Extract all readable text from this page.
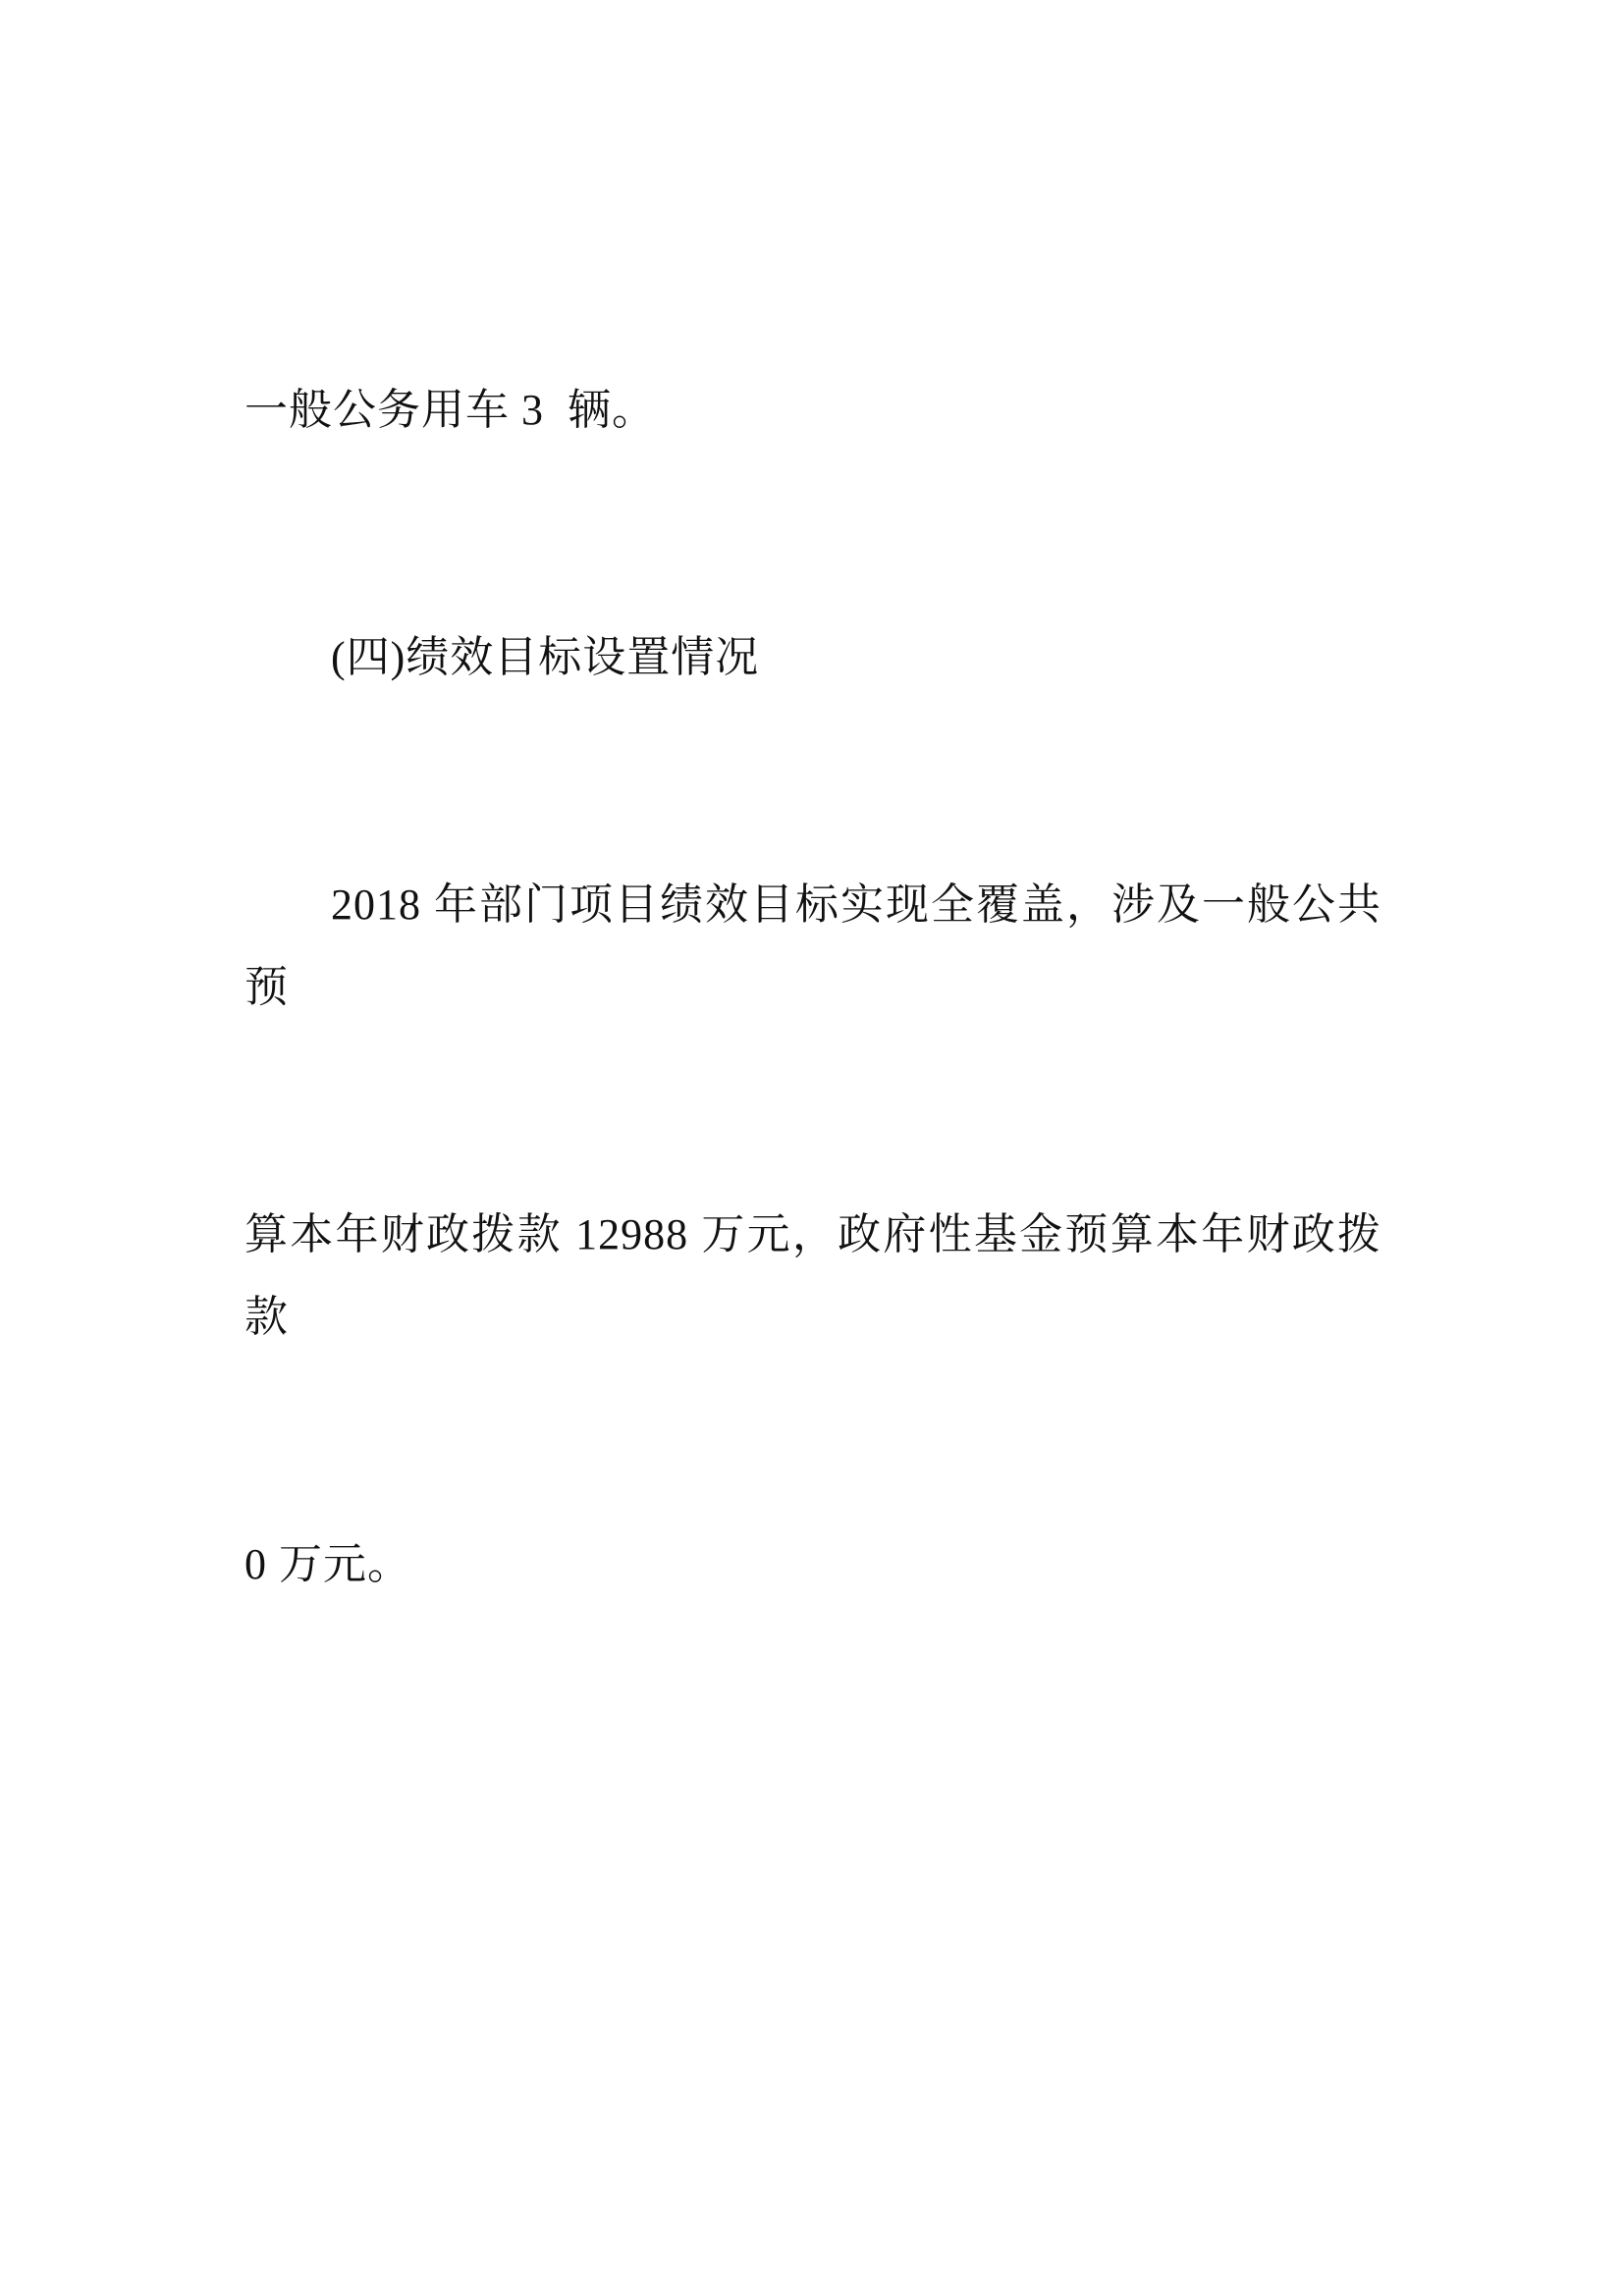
一般公务用车 3  辆。

(四)绩效目标设置情况

2018 年部门项目绩效目标实现全覆盖，涉及一般公共预

算本年财政拨款 12988 万元，政府性基金预算本年财政拨款

0 万元。
